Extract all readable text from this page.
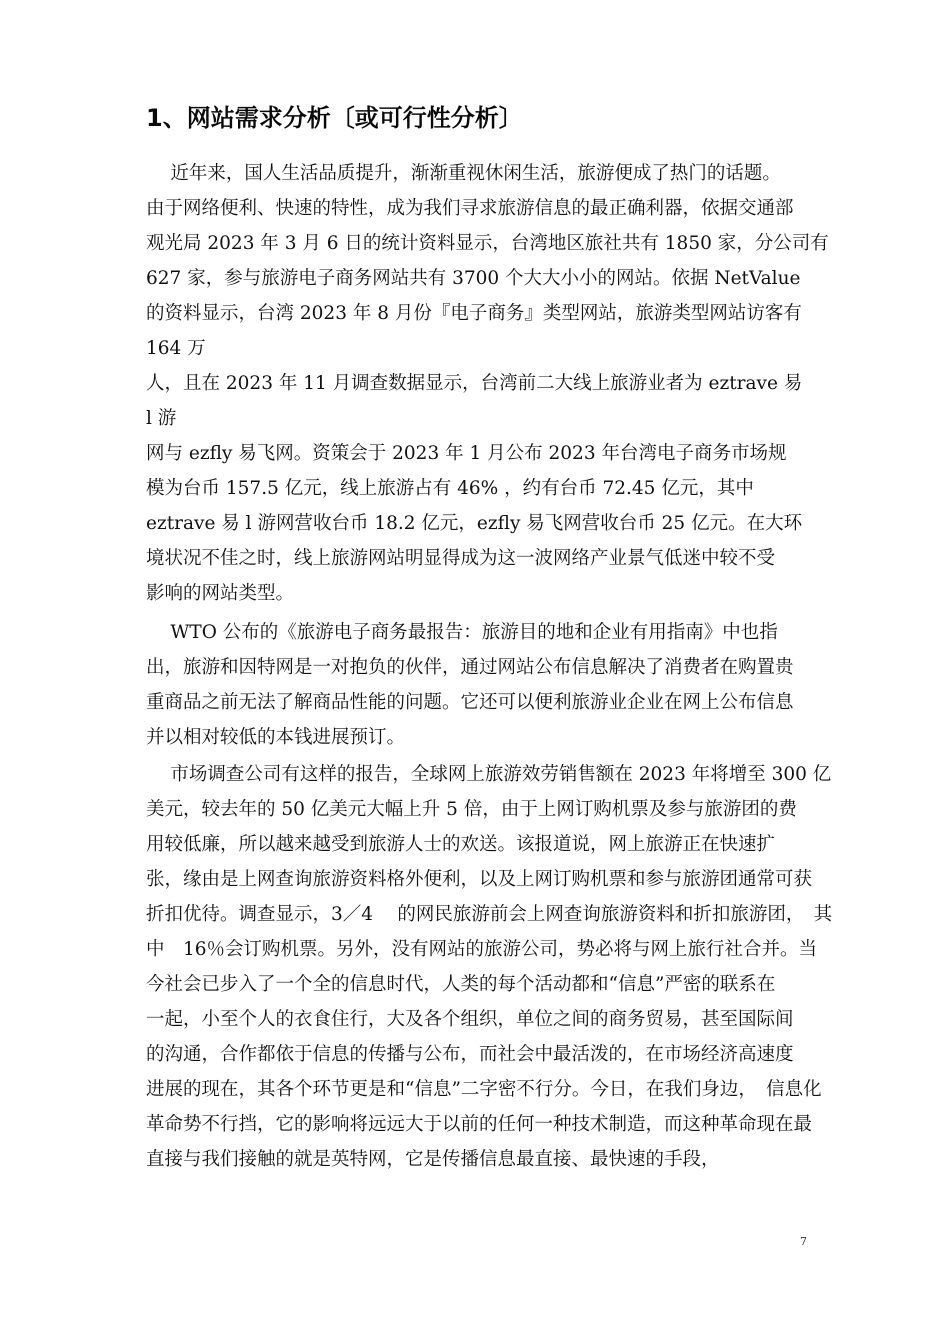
1、网站需求分析〔或可行性分析〕
　 近年来，国人生活品质提升，渐渐重视休闲生活，旅游便成了热门的话题。
由于网络便利、快速的特性，成为我们寻求旅游信息的最正确利器，依据交通部
观光局 2023 年 3 月 6 日的统计资料显示，台湾地区旅社共有 1850 家，分公司有
627 家，参与旅游电子商务网站共有 3700 个大大小小的网站。依据 NetValue
的资料显示，台湾 2023 年 8 月份『电子商务』类型网站，旅游类型网站访客有
164 万
人，且在 2023 年 11 月调查数据显示，台湾前二大线上旅游业者为 eztrave 易
l 游
网与 ezfly 易飞网。资策会于 2023 年 1 月公布 2023 年台湾电子商务市场规
模为台币 157.5 亿元，线上旅游占有 46% ，约有台币 72.45 亿元，其中
eztrave 易 l 游网营收台币 18.2 亿元，ezfly 易飞网营收台币 25 亿元。在大环
境状况不佳之时，线上旅游网站明显得成为这一波网络产业景气低迷中较不受
影响的网站类型。
　 WTO 公布的《旅游电子商务最报告：旅游目的地和企业有用指南》中也指
出，旅游和因特网是一对抱负的伙伴，通过网站公布信息解决了消费者在购置贵
重商品之前无法了解商品性能的问题。它还可以便利旅游业企业在网上公布信息
并以相对较低的本钱进展预订。
　 市场调查公司有这样的报告，全球网上旅游效劳销售额在 2023 年将增至 300 亿
美元，较去年的 50 亿美元大幅上升 5 倍，由于上网订购机票及参与旅游团的费
用较低廉，所以越来越受到旅游人士的欢送。该报道说，网上旅游正在快速扩
张，缘由是上网查询旅游资料格外便利，以及上网订购机票和参与旅游团通常可获
折扣优待。调查显示，3／4　 的网民旅游前会上网查询旅游资料和折扣旅游团，　其
中　16％会订购机票。另外，没有网站的旅游公司，势必将与网上旅行社合并。当
今社会已步入了一个全的信息时代，人类的每个活动都和“信息”严密的联系在
一起，小至个人的衣食住行，大及各个组织，单位之间的商务贸易，甚至国际间
的沟通，合作都依于信息的传播与公布，而社会中最活泼的，在市场经济高速度
进展的现在，其各个环节更是和“信息”二字密不行分。今日，在我们身边，　信息化
革命势不行挡，它的影响将远远大于以前的任何一种技术制造，而这种革命现在最
直接与我们接触的就是英特网，它是传播信息最直接、最快速的手段，
7
